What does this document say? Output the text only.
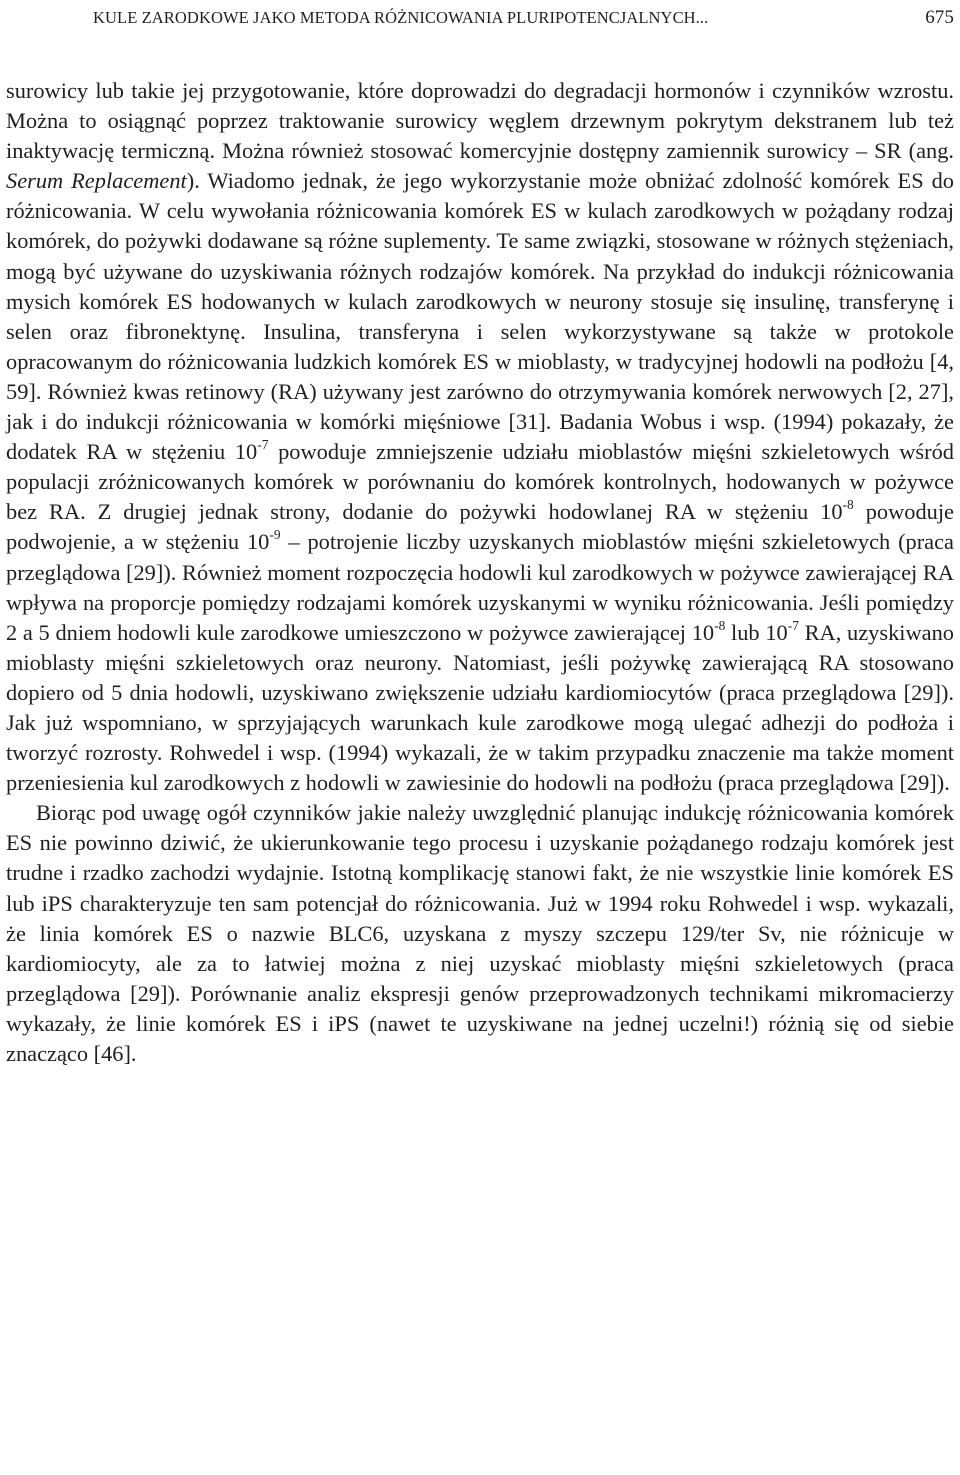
KULE ZARODKOWE JAKO METODA RÓŻNICOWANIA PLURIPOTENCJALNYCH...	675

surowicy lub takie jej przygotowanie, które doprowadzi do degradacji hormonów i czynników wzrostu. Można to osiągnąć poprzez traktowanie surowicy węglem drzewnym pokrytym dekstranem lub też inaktywację termiczną. Można również stosować komercyjnie dostępny zamiennik surowicy – SR (ang. Serum Replacement). Wiadomo jednak, że jego wykorzystanie może obniżać zdolność komórek ES do różnicowania. W celu wywołania różnicowania komórek ES w kulach zarodkowych w pożądany rodzaj komórek, do pożywki dodawane są różne suplementy. Te same związki, stosowane w różnych stężeniach, mogą być używane do uzyskiwania różnych rodzajów komórek. Na przykład do indukcji różnicowania mysich komórek ES hodowanych w kulach zarodkowych w neurony stosuje się insulinę, transferynę i selen oraz fibronektynę. Insulina, transferyna i selen wykorzystywane są także w protokole opracowanym do różnicowania ludzkich komórek ES w mioblasty, w tradycyjnej hodowli na podłożu [4, 59]. Również kwas retinowy (RA) używany jest zarówno do otrzymywania komórek nerwowych [2, 27], jak i do indukcji różnicowania w komórki mięśniowe [31]. Badania Wobus i wsp. (1994) pokazały, że dodatek RA w stężeniu $10^{-7}$ powoduje zmniejszenie udziału mioblastów mięśni szkieletowych wśród populacji zróżnicowanych komórek w porównaniu do komórek kontrolnych, hodowanych w pożywce bez RA. Z drugiej jednak strony, dodanie do pożywki hodowlanej RA w stężeniu $10^{-8}$ powoduje podwojenie, a w stężeniu $10^{-9}$ – potrojenie liczby uzyskanych mioblastów mięśni szkieletowych (praca przeglądowa [29]). Również moment rozpoczęcia hodowli kul zarodkowych w pożywce zawierającej RA wpływa na proporcje pomiędzy rodzajami komórek uzyskanymi w wyniku różnicowania. Jeśli pomiędzy 2 a 5 dniem hodowli kule zarodkowe umieszczono w pożywce zawierającej $10^{-8}$ lub $10^{-7}$ RA, uzyskiwano mioblasty mięśni szkieletowych oraz neurony. Natomiast, jeśli pożywkę zawierającą RA stosowano dopiero od 5 dnia hodowli, uzyskiwano zwiększenie udziału kardiomiocytów (praca przeglądowa [29]). Jak już wspomniano, w sprzyjających warunkach kule zarodkowe mogą ulegać adhezji do podłoża i tworzyć rozrosty. Rohwedel i wsp. (1994) wykazali, że w takim przypadku znaczenie ma także moment przeniesienia kul zarodkowych z hodowli w zawiesinie do hodowli na podłożu (praca przeglądowa [29]).

Biorąc pod uwagę ogół czynników jakie należy uwzględnić planując indukcję różnicowania komórek ES nie powinno dziwić, że ukierunkowanie tego procesu i uzyskanie pożądanego rodzaju komórek jest trudne i rzadko zachodzi wydajnie. Istotną komplikację stanowi fakt, że nie wszystkie linie komórek ES lub iPS charakteryzuje ten sam potencjał do różnicowania. Już w 1994 roku Rohwedel i wsp. wykazali, że linia komórek ES o nazwie BLC6, uzyskana z myszy szczepu 129/ter Sv, nie różnicuje w kardiomiocyty, ale za to łatwiej można z niej uzyskać mioblasty mięśni szkieletowych (praca przeglądowa [29]). Porównanie analiz ekspresji genów przeprowadzonych technikami mikromacierzy wykazały, że linie komórek ES i iPS (nawet te uzyskiwane na jednej uczelni!) różnią się od siebie znacząco [46].
